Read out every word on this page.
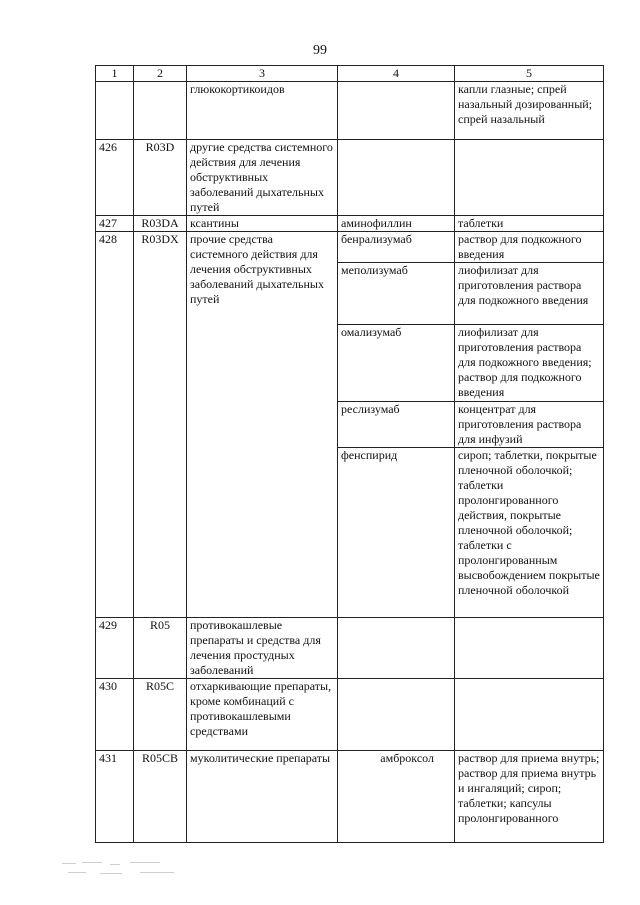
99
1	2	3	4	5
		глюкокортикоидов		капли глазные; спрей назальный дозированный; спрей назальный
426	R03D	другие средства системного действия для лечения обструктивных заболеваний дыхательных путей		
427	R03DA	ксантины	аминофиллин	таблетки
428	R03DX	прочие средства системного действия для лечения обструктивных заболеваний дыхательных путей	бенрализумаб	раствор для подкожного введения
			меполизумаб	лиофилизат для приготовления раствора для подкожного введения
			омализумаб	лиофилизат для приготовления раствора для подкожного введения; раствор для подкожного введения
			реслизумаб	концентрат для приготовления раствора для инфузий
			фенспирид	сироп; таблетки, покрытые пленочной оболочкой; таблетки пролонгированного действия, покрытые пленочной оболочкой; таблетки с пролонгированным высвобождением покрытые пленочной оболочкой
429	R05	противокашлевые препараты и средства для лечения простудных заболеваний		
430	R05C	отхаркивающие препараты, кроме комбинаций с противокашлевыми средствами		
431	R05CB	муколитические препараты	амброксол	раствор для приема внутрь; раствор для приема внутрь и ингаляций; сироп; таблетки; капсулы пролонгированного
